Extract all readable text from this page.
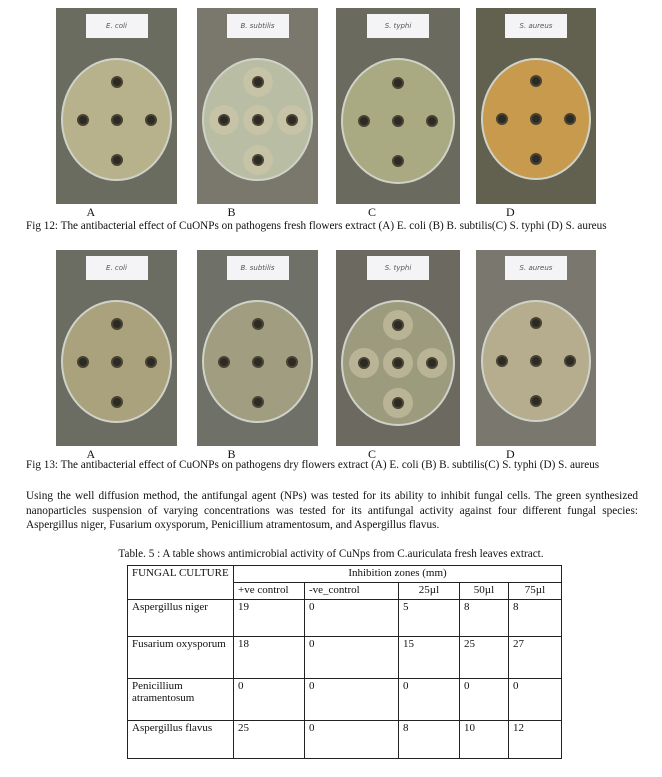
E. coli
A
B. subtilis
B
S. typhi
C
S. aureus
D
Fig 12: The antibacterial effect of CuONPs on pathogens fresh flowers extract (A) E. coli (B) B. subtilis(C) S. typhi (D) S. aureus
E. coli
A
B. subtilis
B
S. typhi
C
S. aureus
D
Fig 13: The antibacterial effect of CuONPs on pathogens dry flowers extract (A) E. coli (B) B. subtilis(C) S. typhi (D) S. aureus
Using the well diffusion method, the antifungal agent (NPs) was tested for its ability to inhibit fungal cells. The green synthesized nanoparticles suspension of varying concentrations was tested for its antifungal activity against four different fungal species: Aspergillus niger, Fusarium oxysporum, Penicillium atramentosum, and Aspergillus flavus.
Table. 5 : A table shows antimicrobial activity of CuNps from C.auriculata fresh leaves extract.
FUNGAL CULTURE	Inhibition zones (mm)				
	+ve control	-ve_control	25µl	50µl	75µl
Aspergillus niger	19	0	5	8	8
Fusarium oxysporum	18	0	15	25	27
Penicillium atramentosum	0	0	0	0	0
Aspergillus flavus	25	0	8	10	12
